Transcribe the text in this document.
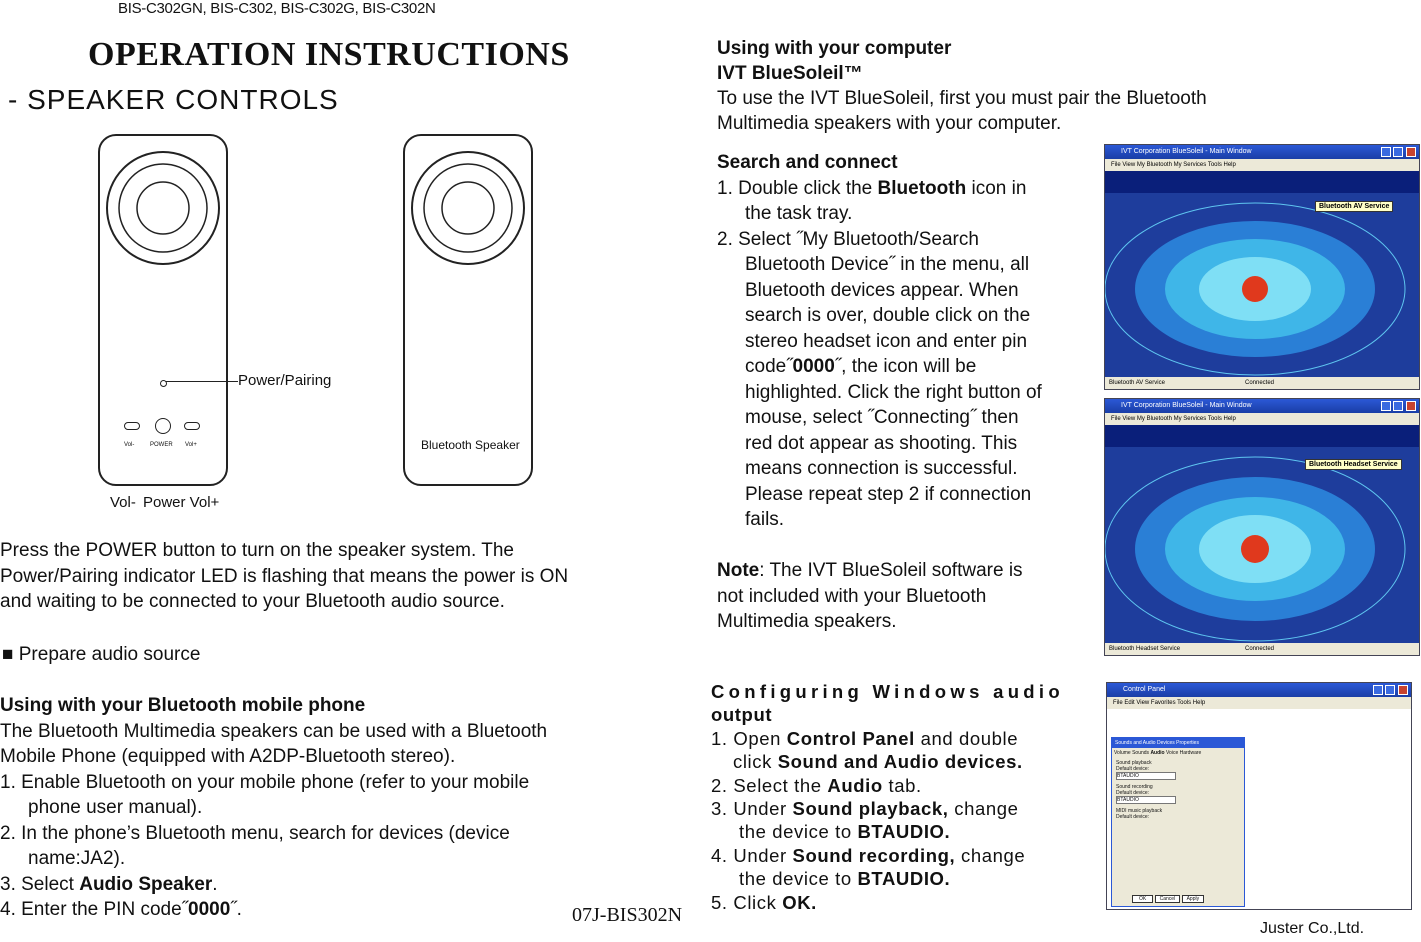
BIS-C302GN, BIS-C302, BIS-C302G, BIS-C302N
OPERATION INSTRUCTIONS
- SPEAKER CONTROLS
Vol-	POWER Vol+
Power/Pairing
Vol- Power Vol+
Bluetooth Speaker
Press the POWER button to turn on the speaker system. The
Power/Pairing indicator LED is flashing that means the power is ON
and waiting to be connected to your Bluetooth audio source.
■ Prepare audio source
Using with your Bluetooth mobile phone
The Bluetooth Multimedia speakers can be used with a Bluetooth
Mobile Phone (equipped with A2DP-Bluetooth stereo).
1. Enable Bluetooth on your mobile phone (refer to your mobile
phone user manual).
2. In the phone’s Bluetooth menu, search for devices (device
name:JA2).
3. Select Audio Speaker.
4. Enter the PIN code˝0000˝.	07J-BIS302N
Using with your computer
IVT BlueSoleil™
To use the IVT BlueSoleil, first you must pair the Bluetooth
Multimedia speakers with your computer.
Search and connect
1. Double click the Bluetooth icon in
the task tray.
2. Select ˝My Bluetooth/Search
Bluetooth Device˝ in the menu, all
Bluetooth devices appear. When
search is over, double click on the
stereo headset icon and enter pin
code˝0000˝, the icon will be
highlighted. Click the right button of
mouse, select ˝Connecting˝ then
red dot appear as shooting. This
means connection is successful.
Please repeat step 2 if connection
fails.
Note: The IVT BlueSoleil software is
not included with your Bluetooth
Multimedia speakers.
Configuring Windows audio
output
1. Open Control Panel and double
click Sound and Audio devices.
2. Select the Audio tab.
3. Under Sound playback, change
the device to BTAUDIO.
4. Under Sound recording, change
the device to BTAUDIO.
5. Click OK.
Juster Co.,Ltd.
IVT Corporation BlueSoleil - Main Window
File View My Bluetooth My Services Tools Help
Bluetooth AV Service
Bluetooth AV Service	Connected
IVT Corporation BlueSoleil - Main Window
File View My Bluetooth My Services Tools Help
Bluetooth Headset Service
Bluetooth Headset Service	Connected
Control Panel
File Edit View Favorites Tools Help
Sounds and Audio Devices Properties
Volume Sounds Audio Voice Hardware
Sound playback
Default device:
BTAUDIO
Sound recording
Default device:
BTAUDIO
MIDI music playback
Default device:
OK	Cancel Apply
